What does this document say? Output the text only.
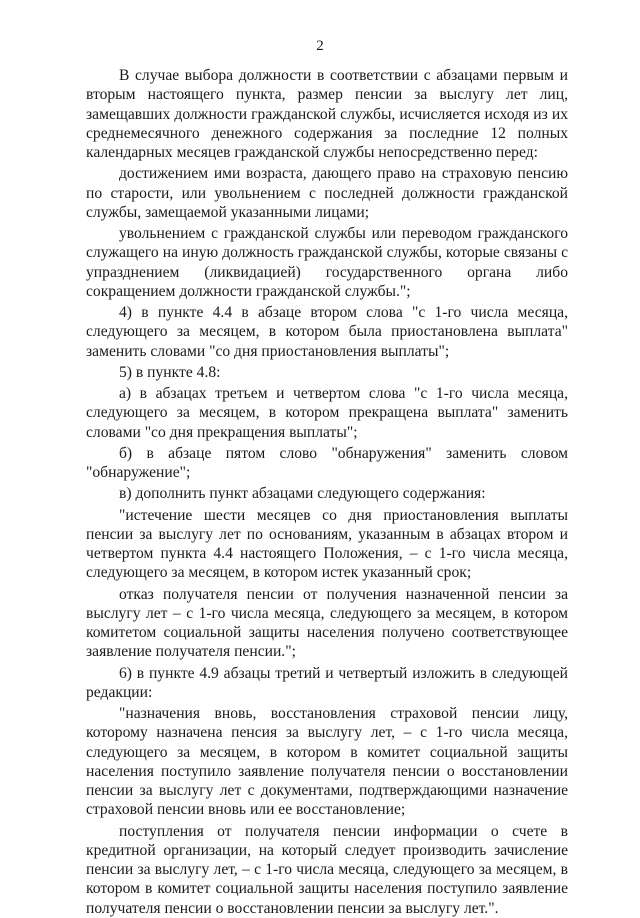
2

В случае выбора должности в соответствии с абзацами первым и вторым настоящего пункта, размер пенсии за выслугу лет лиц, замещавших должности гражданской службы, исчисляется исходя из их среднемесячного денежного содержания за последние 12 полных календарных месяцев гражданской службы непосредственно перед:

достижением ими возраста, дающего право на страховую пенсию по старости, или увольнением с последней должности гражданской службы, замещаемой указанными лицами;

увольнением с гражданской службы или переводом гражданского служащего на иную должность гражданской службы, которые связаны с упразднением (ликвидацией) государственного органа либо сокращением должности гражданской службы.";

4) в пункте 4.4 в абзаце втором слова "с 1-го числа месяца, следующего за месяцем, в котором была приостановлена выплата" заменить словами "со дня приостановления выплаты";

5) в пункте 4.8:

а) в абзацах третьем и четвертом слова "с 1-го числа месяца, следующего за месяцем, в котором прекращена выплата" заменить словами "со дня прекращения выплаты";

б) в абзаце пятом слово "обнаружения" заменить словом "обнаружение";

в) дополнить пункт абзацами следующего содержания:

"истечение шести месяцев со дня приостановления выплаты пенсии за выслугу лет по основаниям, указанным в абзацах втором и четвертом пункта 4.4 настоящего Положения, – с 1-го числа месяца, следующего за месяцем, в котором истек указанный срок;

отказ получателя пенсии от получения назначенной пенсии за выслугу лет – с 1-го числа месяца, следующего за месяцем, в котором комитетом социальной защиты населения получено соответствующее заявление получателя пенсии.";

6) в пункте 4.9 абзацы третий и четвертый изложить в следующей редакции:

"назначения вновь, восстановления страховой пенсии лицу, которому назначена пенсия за выслугу лет, – с 1-го числа месяца, следующего за месяцем, в котором в комитет социальной защиты населения поступило заявление получателя пенсии о восстановлении пенсии за выслугу лет с документами, подтверждающими назначение страховой пенсии вновь или ее восстановление;

поступления от получателя пенсии информации о счете в кредитной организации, на который следует производить зачисление пенсии за выслугу лет, – с 1-го числа месяца, следующего за месяцем, в котором в комитет социальной защиты населения поступило заявление получателя пенсии о восстановлении пенсии за выслугу лет.".
